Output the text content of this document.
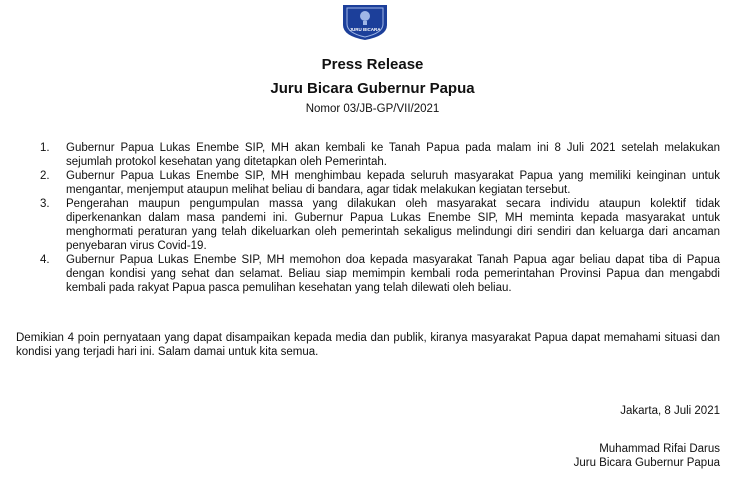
JURU BICARA
Press Release
Juru Bicara Gubernur Papua
Nomor 03/JB-GP/VII/2021
1. Gubernur Papua Lukas Enembe SIP, MH akan kembali ke Tanah Papua pada malam ini 8 Juli 2021 setelah melakukan sejumlah protokol kesehatan yang ditetapkan oleh Pemerintah.
2. Gubernur Papua Lukas Enembe SIP, MH menghimbau kepada seluruh masyarakat Papua yang memiliki keinginan untuk mengantar, menjemput ataupun melihat beliau di bandara, agar tidak melakukan kegiatan tersebut.
3. Pengerahan maupun pengumpulan massa yang dilakukan oleh masyarakat secara individu ataupun kolektif tidak diperkenankan dalam masa pandemi ini. Gubernur Papua Lukas Enembe SIP, MH meminta kepada masyarakat untuk menghormati peraturan yang telah dikeluarkan oleh pemerintah sekaligus melindungi diri sendiri dan keluarga dari ancaman penyebaran virus Covid-19.
4. Gubernur Papua Lukas Enembe SIP, MH memohon doa kepada masyarakat Tanah Papua agar beliau dapat tiba di Papua dengan kondisi yang sehat dan selamat. Beliau siap memimpin kembali roda pemerintahan Provinsi Papua dan mengabdi kembali pada rakyat Papua pasca pemulihan kesehatan yang telah dilewati oleh beliau.
Demikian 4 poin pernyataan yang dapat disampaikan kepada media dan publik, kiranya masyarakat Papua dapat memahami situasi dan kondisi yang terjadi hari ini. Salam damai untuk kita semua.
Jakarta, 8 Juli 2021
Muhammad Rifai Darus
Juru Bicara Gubernur Papua
